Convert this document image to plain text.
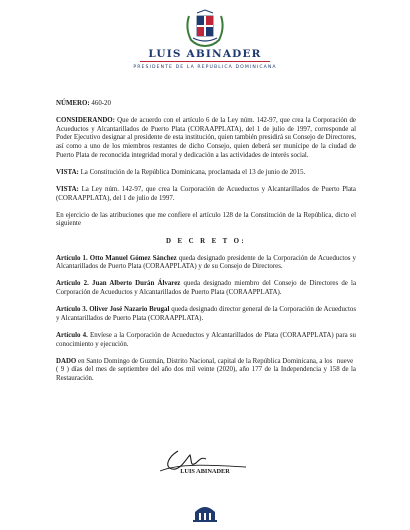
LUIS ABINADER
PRESIDENTE DE LA REPÚBLICA DOMINICANA

NÚMERO: 460-20

CONSIDERANDO: Que de acuerdo con el artículo 6 de la Ley núm. 142-97, que crea la Corporación de Acueductos y Alcantarillados de Puerto Plata (CORAAPPLATA), del 1 de julio de 1997, corresponde al Poder Ejecutivo designar al presidente de esta institución, quien también presidirá su Consejo de Directores, así como a uno de los miembros restantes de dicho Consejo, quien deberá ser munícipe de la ciudad de Puerto Plata de reconocida integridad moral y dedicación a las actividades de interés social.

VISTA: La Constitución de la República Dominicana, proclamada el 13 de junio de 2015.

VISTA: La Ley núm. 142-97, que crea la Corporación de Acueductos y Alcantarillados de Puerto Plata (CORAAPPLATA), del 1 de julio de 1997.

En ejercicio de las atribuciones que me confiere el artículo 128 de la Constitución de la República, dicto el siguiente

D E C R E T O:

Artículo 1. Otto Manuel Gómez Sánchez queda designado presidente de la Corporación de Acueductos y Alcantarillados de Puerto Plata (CORAAPPLATA) y de su Consejo de Directores.

Artículo 2. Juan Alberto Durán Álvarez queda designado miembro del Consejo de Directores de la Corporación de Acueductos y Alcantarillados de Puerto Plata (CORAAPPLATA).

Artículo 3. Oliver José Nazario Brugal queda designado director general de la Corporación de Acueductos y Alcantarillados de Puerto Plata (CORAAPPLATA).

Artículo 4. Envíese a la Corporación de Acueductos y Alcantarillados de Plata (CORAAPPLATA) para su conocimiento y ejecución.

DADO en Santo Domingo de Guzmán, Distrito Nacional, capital de la República Dominicana, a los nueve ( 9 ) días del mes de septiembre del año dos mil veinte (2020), año 177 de la Independencia y 158 de la Restauración.

LUIS ABINADER
